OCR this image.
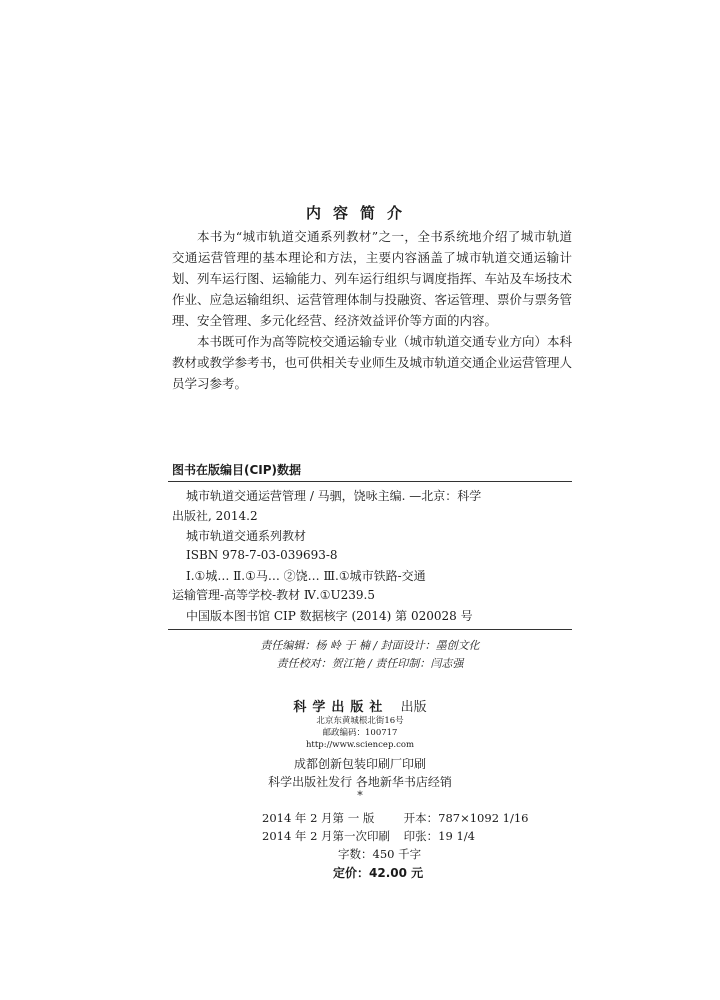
内容简介

本书为“城市轨道交通系列教材”之一，全书系统地介绍了城市轨道交通运营管理的基本理论和方法，主要内容涵盖了城市轨道交通运输计划、列车运行图、运输能力、列车运行组织与调度指挥、车站及车场技术作业、应急运输组织、运营管理体制与投融资、客运管理、票价与票务管理、安全管理、多元化经营、经济效益评价等方面的内容。

本书既可作为高等院校交通运输专业（城市轨道交通专业方向）本科教材或教学参考书，也可供相关专业师生及城市轨道交通企业运营管理人员学习参考。

图书在版编目(CIP)数据
城市轨道交通运营管理 / 马驷，饶咏主编. —北京：科学
出版社, 2014.2
城市轨道交通系列教材
ISBN 978-7-03-039693-8
Ⅰ.①城… Ⅱ.①马… ②饶… Ⅲ.①城市铁路-交通
运输管理-高等学校-教材 Ⅳ.①U239.5
中国版本图书馆 CIP 数据核字 (2014) 第 020028 号
责任编辑：杨 岭 于 楠 / 封面设计：墨创文化
责任校对：贺江艳 / 责任印制：闫志强
科学出版社 出版
北京东黄城根北街16号
邮政编码：100717
http://www.sciencep.com
成都创新包装印刷厂印刷
科学出版社发行 各地新华书店经销
*
2014 年 2 月第 一 版	开本：787×1092 1/16
2014 年 2 月第一次印刷 印张：19 1/4
字数：450 千字
定价：42.00 元
